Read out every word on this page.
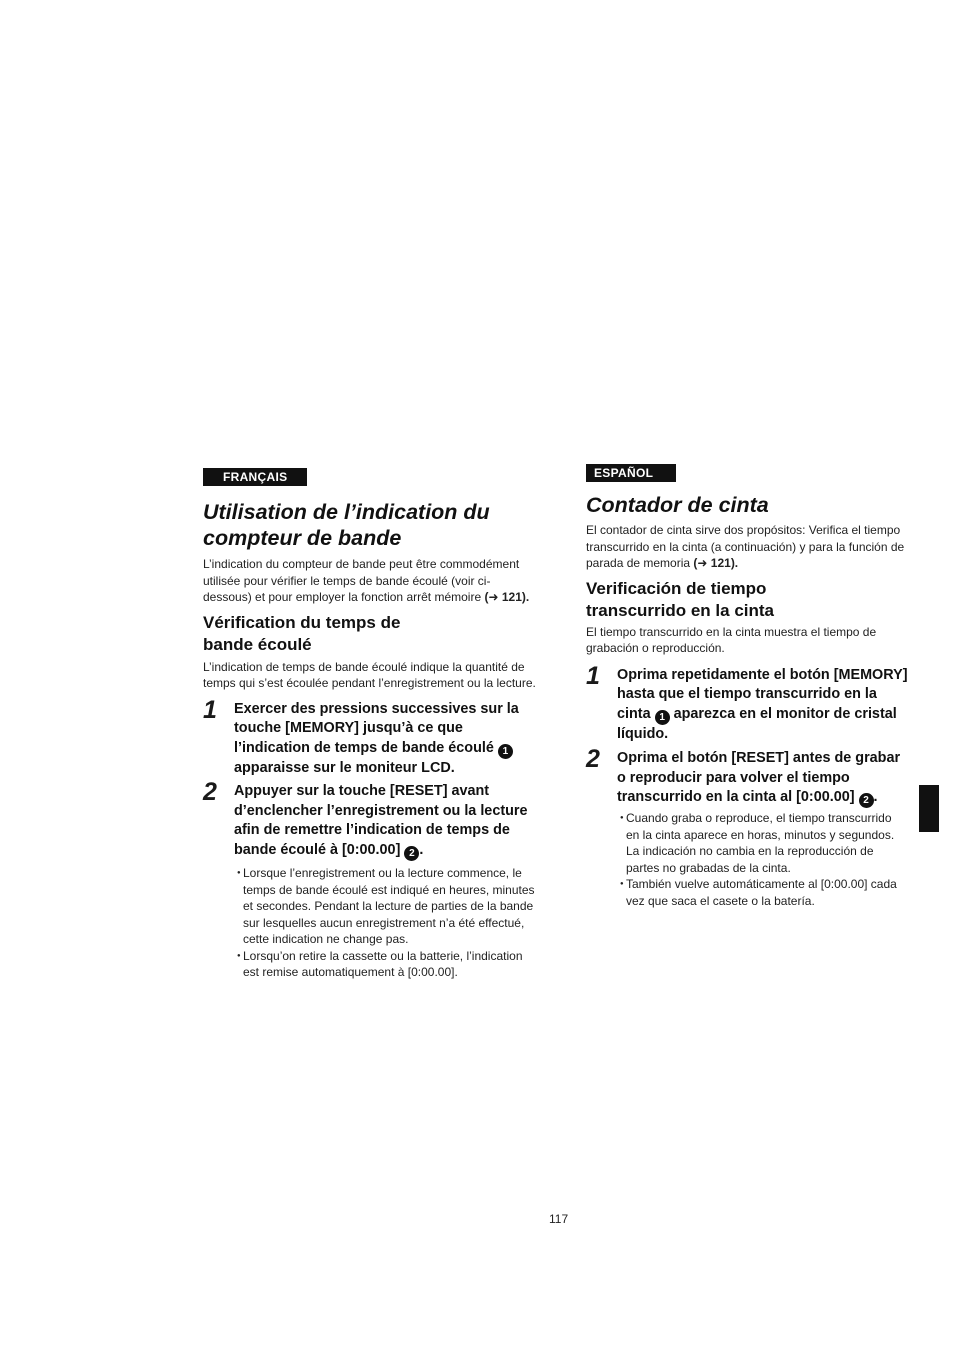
FRANÇAIS
Utilisation de l’indication du
compteur de bande

L’indication du compteur de bande peut être commodément utilisée pour vérifier le temps de bande écoulé (voir ci-dessous) et pour employer la fonction arrêt mémoire (➜ 121).

Vérification du temps de
bande écoulé

L’indication de temps de bande écoulé indique la quantité de temps qui s’est écoulée pendant l’enregistrement ou la lecture.

1 Exercer des pressions successives sur la touche [MEMORY] jusqu’à ce que l’indication de temps de bande écoulé 1 apparaisse sur le moniteur LCD.

2 Appuyer sur la touche [RESET] avant d’enclencher l’enregistrement ou la lecture afin de remettre l’indication de temps de bande écoulé à [0:00.00] 2 .

● Lorsque l’enregistrement ou la lecture commence, le temps de bande écoulé est indiqué en heures, minutes et secondes. Pendant la lecture de parties de la bande sur lesquelles aucun enregistrement n’a été effectué, cette indication ne change pas.
● Lorsqu’on retire la cassette ou la batterie, l’indication est remise automatiquement à [0:00.00].
ESPAÑOL
Contador de cinta

El contador de cinta sirve dos propósitos: Verifica el tiempo transcurrido en la cinta (a continuación) y para la función de parada de memoria (➜ 121).

Verificación de tiempo
transcurrido en la cinta

El tiempo transcurrido en la cinta muestra el tiempo de grabación o reproducción.

1 Oprima repetidamente el botón [MEMORY] hasta que el tiempo transcurrido en la cinta 1 aparezca en el monitor de cristal líquido.

2 Oprima el botón [RESET] antes de grabar o reproducir para volver el tiempo transcurrido en la cinta al [0:00.00] 2 .

● Cuando graba o reproduce, el tiempo transcurrido en la cinta aparece en horas, minutos y segundos. La indicación no cambia en la reproducción de partes no grabadas de la cinta.
● También vuelve automáticamente al [0:00.00] cada vez que saca el casete o la batería.
117
